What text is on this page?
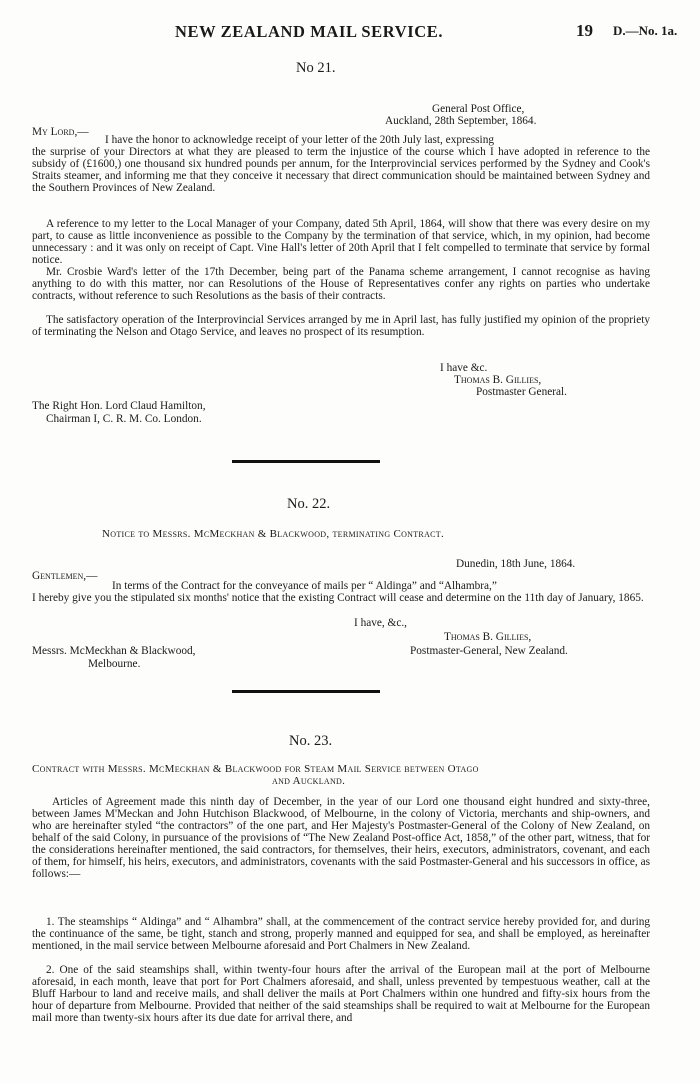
NEW ZEALAND MAIL SERVICE.	19 D.—No. 1a.
No 21.
General Post Office,
Auckland, 28th September, 1864.
My Lord,—
I have the honor to acknowledge receipt of your letter of the 20th July last, expressing
the surprise of your Directors at what they are pleased to term the injustice of the course which I have adopted in reference to the subsidy of (£1600,) one thousand six hundred pounds per annum, for the Interprovincial services performed by the Sydney and Cook's Straits steamer, and informing me that they conceive it necessary that direct communication should be maintained between Sydney and the Southern Provinces of New Zealand.
A reference to my letter to the Local Manager of your Company, dated 5th April, 1864, will show that there was every desire on my part, to cause as little inconvenience as possible to the Company by the termination of that service, which, in my opinion, had become unnecessary : and it was only on receipt of Capt. Vine Hall's letter of 20th April that I felt compelled to terminate that service by formal notice.
Mr. Crosbie Ward's letter of the 17th December, being part of the Panama scheme arrangement, I cannot recognise as having anything to do with this matter, nor can Resolutions of the House of Representatives confer any rights on parties who undertake contracts, without reference to such Resolutions as the basis of their contracts.
The satisfactory operation of the Interprovincial Services arranged by me in April last, has fully justified my opinion of the propriety of terminating the Nelson and Otago Service, and leaves no prospect of its resumption.
I have &c.
Thomas B. Gillies,
Postmaster General.
The Right Hon. Lord Claud Hamilton,
Chairman I, C. R. M. Co. London.
No. 22.
Notice to Messrs. McMeckhan & Blackwood, terminating Contract.
Dunedin, 18th June, 1864.
Gentlemen,—
In terms of the Contract for the conveyance of mails per “ Aldinga” and “Alhambra,”
I hereby give you the stipulated six months' notice that the existing Contract will cease and determine on the 11th day of January, 1865.
I have, &c.,
Thomas B. Gillies,
Postmaster-General, New Zealand.
Messrs. McMeckhan & Blackwood,
Melbourne.
No. 23.
Contract with Messrs. McMeckhan & Blackwood for Steam Mail Service between Otago
and Auckland.
Articles of Agreement made this ninth day of December, in the year of our Lord one thousand eight hundred and sixty-three, between James M'Meckan and John Hutchison Blackwood, of Melbourne, in the colony of Victoria, merchants and ship-owners, and who are hereinafter styled “the contractors” of the one part, and Her Majesty's Postmaster-General of the Colony of New Zealand, on behalf of the said Colony, in pursuance of the provisions of “The New Zealand Post-office Act, 1858,” of the other part, witness, that for the considerations hereinafter mentioned, the said contractors, for themselves, their heirs, executors, administrators, covenant, and each of them, for himself, his heirs, executors, and administrators, covenants with the said Postmaster-General and his successors in office, as follows:—
1. The steamships “ Aldinga” and “ Alhambra” shall, at the commencement of the contract service hereby provided for, and during the continuance of the same, be tight, stanch and strong, properly manned and equipped for sea, and shall be employed, as hereinafter mentioned, in the mail service between Melbourne aforesaid and Port Chalmers in New Zealand.
2. One of the said steamships shall, within twenty-four hours after the arrival of the European mail at the port of Melbourne aforesaid, in each month, leave that port for Port Chalmers aforesaid, and shall, unless prevented by tempestuous weather, call at the Bluff Harbour to land and receive mails, and shall deliver the mails at Port Chalmers within one hundred and fifty-six hours from the hour of departure from Melbourne. Provided that neither of the said steamships shall be required to wait at Melbourne for the European mail more than twenty-six hours after its due date for arrival there, and
